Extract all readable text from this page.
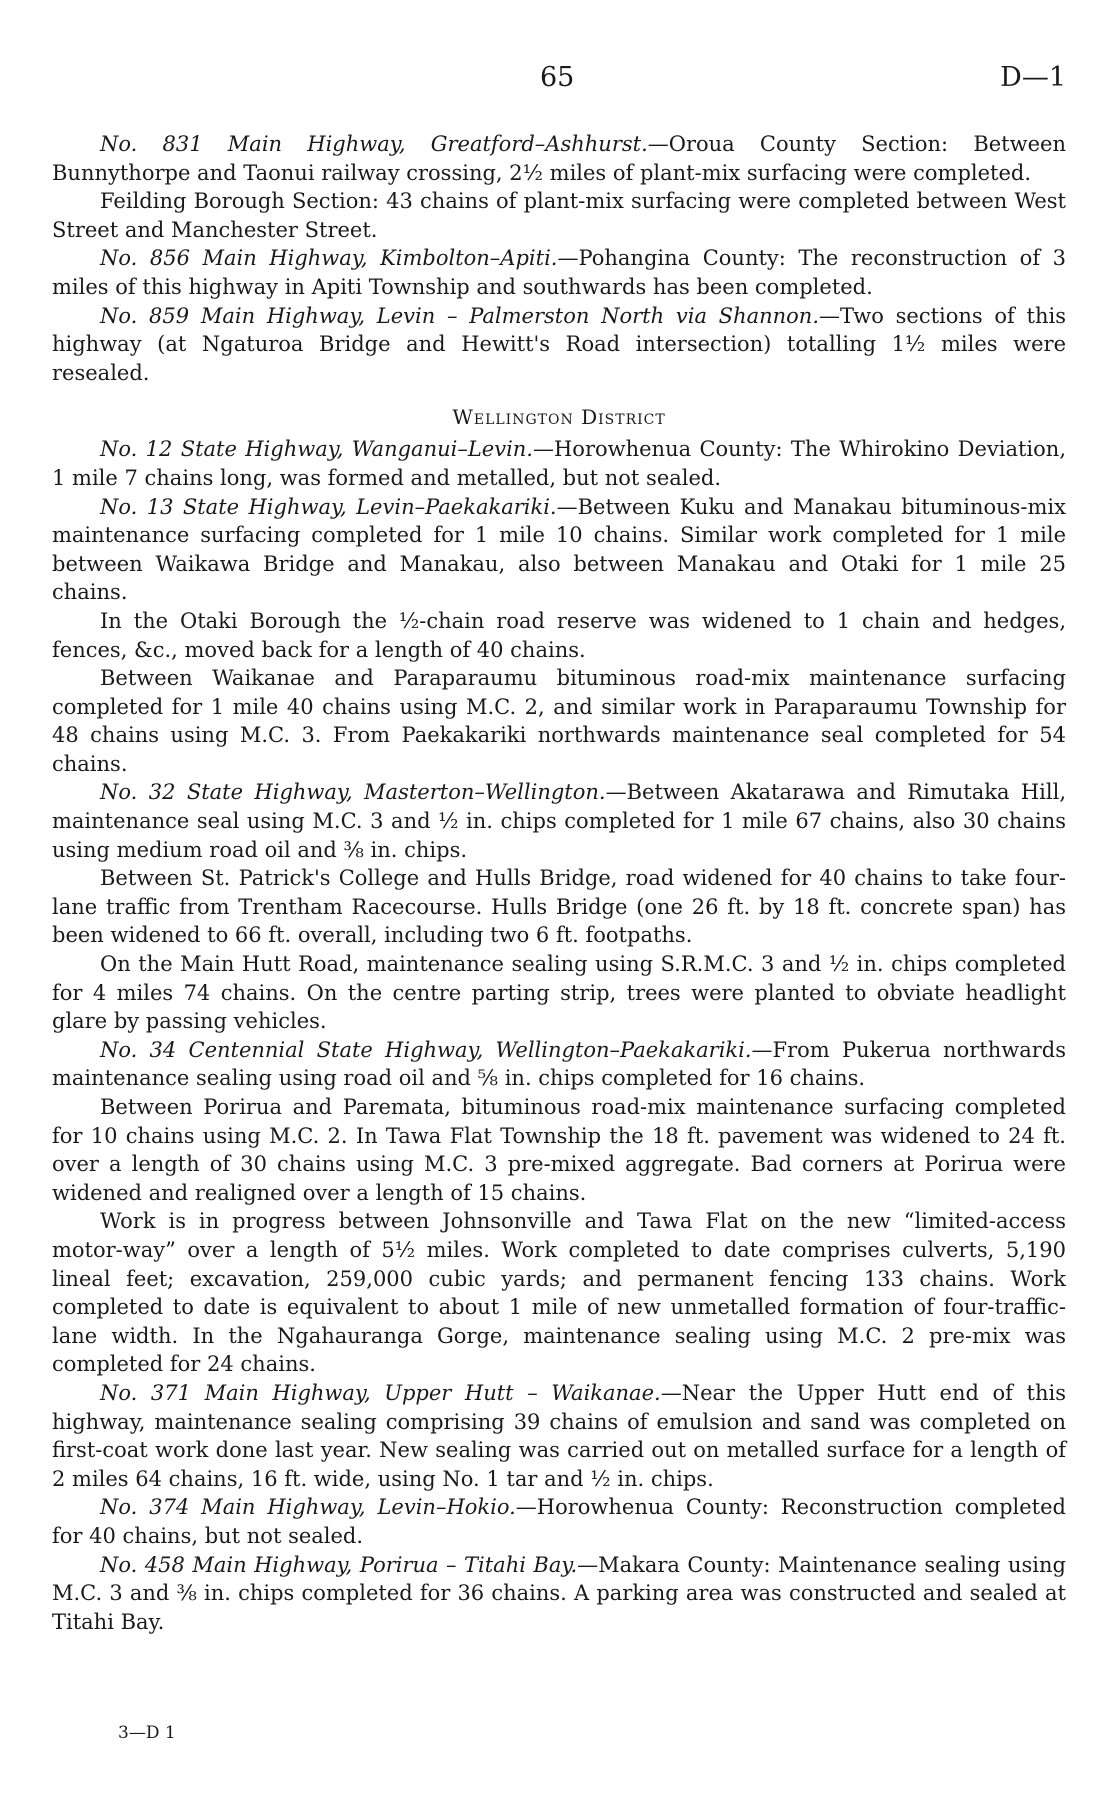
65	D—1

No. 831 Main Highway, Greatford–Ashhurst.—Oroua County Section: Between Bunnythorpe and Taonui railway crossing, 2½ miles of plant-mix surfacing were completed.

Feilding Borough Section: 43 chains of plant-mix surfacing were completed between West Street and Manchester Street.

No. 856 Main Highway, Kimbolton–Apiti.—Pohangina County: The reconstruction of 3 miles of this highway in Apiti Township and southwards has been completed.

No. 859 Main Highway, Levin – Palmerston North via Shannon.—Two sections of this highway (at Ngaturoa Bridge and Hewitt's Road intersection) totalling 1½ miles were resealed.

Wellington District

No. 12 State Highway, Wanganui–Levin.—Horowhenua County: The Whirokino Deviation, 1 mile 7 chains long, was formed and metalled, but not sealed.

No. 13 State Highway, Levin–Paekakariki.—Between Kuku and Manakau bituminous-mix maintenance surfacing completed for 1 mile 10 chains. Similar work completed for 1 mile between Waikawa Bridge and Manakau, also between Manakau and Otaki for 1 mile 25 chains.

In the Otaki Borough the ½-chain road reserve was widened to 1 chain and hedges, fences, &c., moved back for a length of 40 chains.

Between Waikanae and Paraparaumu bituminous road-mix maintenance surfacing completed for 1 mile 40 chains using M.C. 2, and similar work in Paraparaumu Township for 48 chains using M.C. 3. From Paekakariki northwards maintenance seal completed for 54 chains.

No. 32 State Highway, Masterton–Wellington.—Between Akatarawa and Rimutaka Hill, maintenance seal using M.C. 3 and ½ in. chips completed for 1 mile 67 chains, also 30 chains using medium road oil and ⅜ in. chips.

Between St. Patrick's College and Hulls Bridge, road widened for 40 chains to take four-lane traffic from Trentham Racecourse. Hulls Bridge (one 26 ft. by 18 ft. concrete span) has been widened to 66 ft. overall, including two 6 ft. footpaths.

On the Main Hutt Road, maintenance sealing using S.R.M.C. 3 and ½ in. chips completed for 4 miles 74 chains. On the centre parting strip, trees were planted to obviate headlight glare by passing vehicles.

No. 34 Centennial State Highway, Wellington–Paekakariki.—From Pukerua northwards maintenance sealing using road oil and ⅝ in. chips completed for 16 chains.

Between Porirua and Paremata, bituminous road-mix maintenance surfacing completed for 10 chains using M.C. 2. In Tawa Flat Township the 18 ft. pavement was widened to 24 ft. over a length of 30 chains using M.C. 3 pre-mixed aggregate. Bad corners at Porirua were widened and realigned over a length of 15 chains.

Work is in progress between Johnsonville and Tawa Flat on the new “limited-access motor-way” over a length of 5½ miles. Work completed to date comprises culverts, 5,190 lineal feet; excavation, 259,000 cubic yards; and permanent fencing 133 chains. Work completed to date is equivalent to about 1 mile of new unmetalled formation of four-traffic-lane width. In the Ngahauranga Gorge, maintenance sealing using M.C. 2 pre-mix was completed for 24 chains.

No. 371 Main Highway, Upper Hutt – Waikanae.—Near the Upper Hutt end of this highway, maintenance sealing comprising 39 chains of emulsion and sand was completed on first-coat work done last year. New sealing was carried out on metalled surface for a length of 2 miles 64 chains, 16 ft. wide, using No. 1 tar and ½ in. chips.

No. 374 Main Highway, Levin–Hokio.—Horowhenua County: Reconstruction completed for 40 chains, but not sealed.

No. 458 Main Highway, Porirua – Titahi Bay.—Makara County: Maintenance sealing using M.C. 3 and ⅜ in. chips completed for 36 chains. A parking area was constructed and sealed at Titahi Bay.

3—D 1
